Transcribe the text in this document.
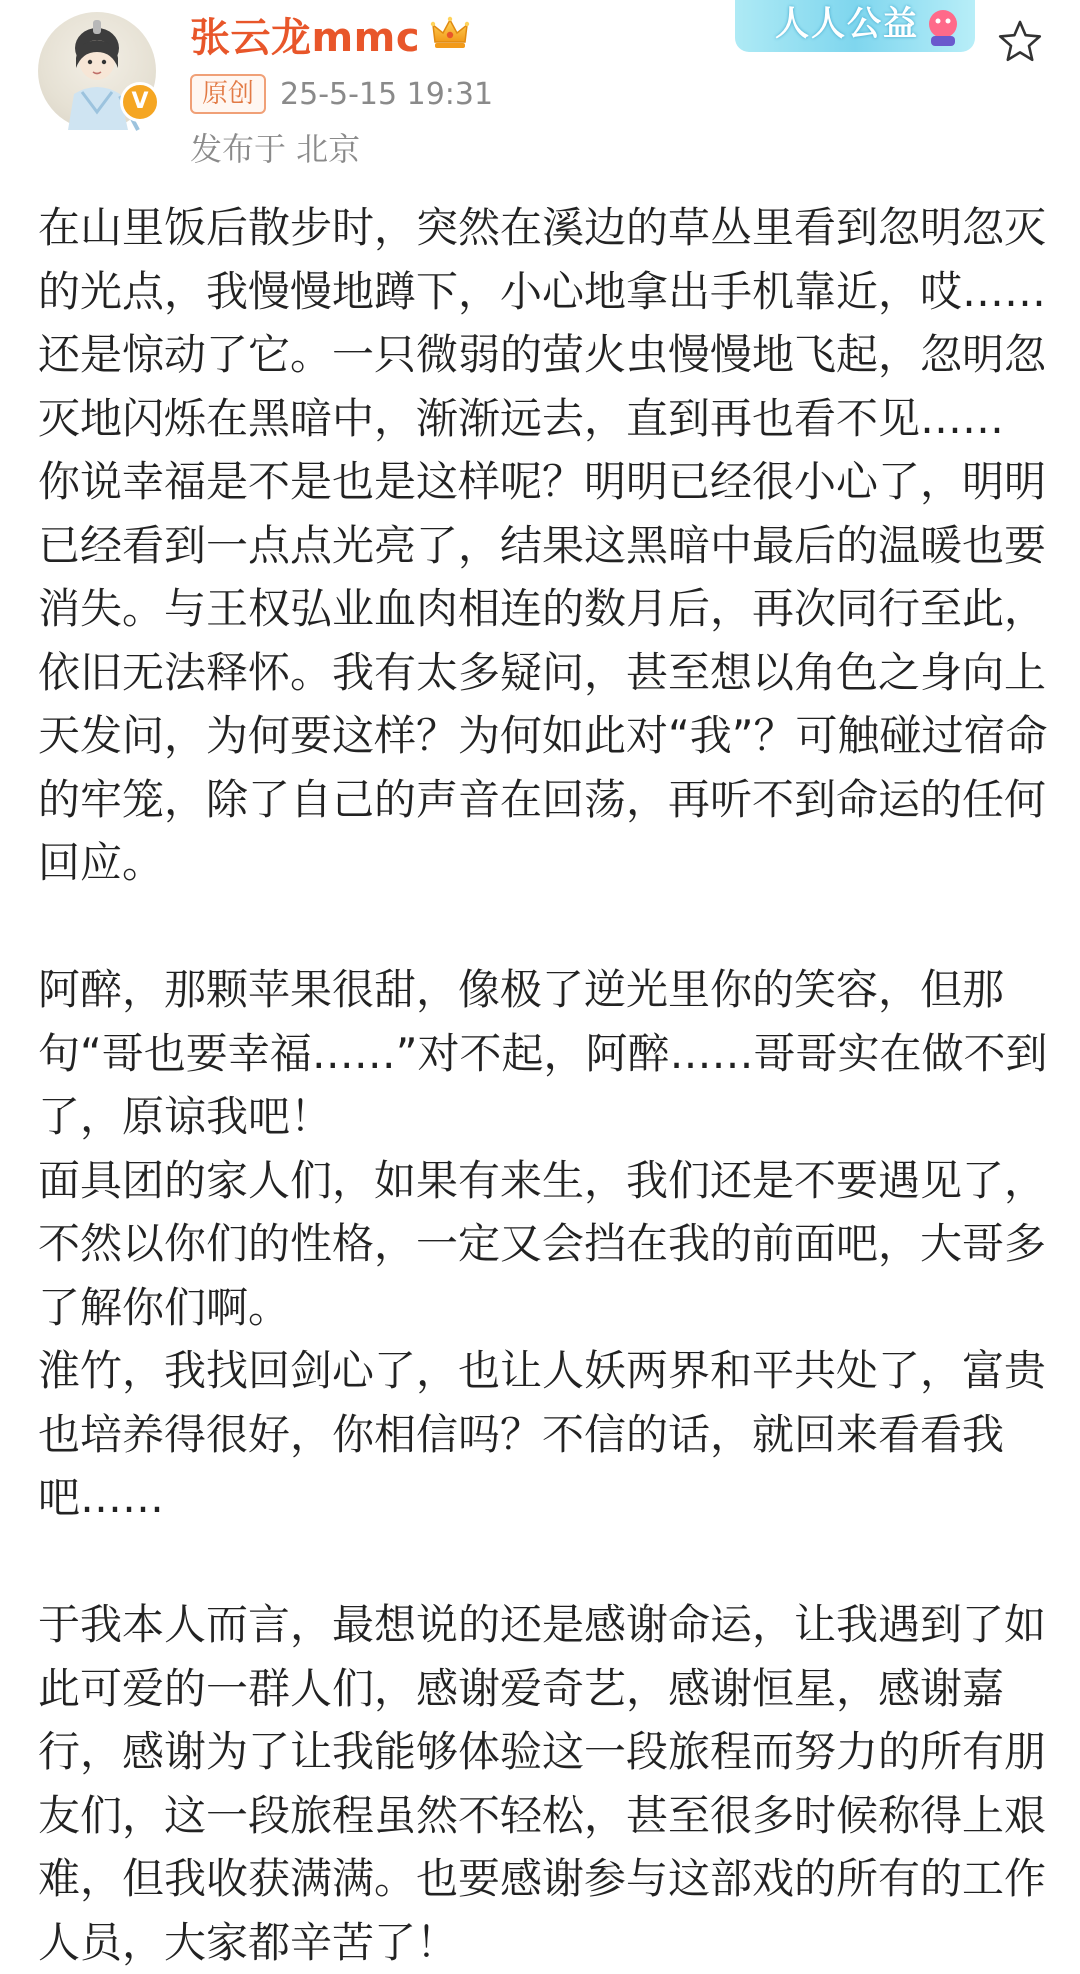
V
张云龙mmc
原创 25-5-15 19:31
发布于 北京
人人公益

在山里饭后散步时，突然在溪边的草丛里看到忽明忽灭的光点，我慢慢地蹲下，小心地拿出手机靠近，哎……还是惊动了它。一只微弱的萤火虫慢慢地飞起，忽明忽灭地闪烁在黑暗中，渐渐远去，直到再也看不见……

你说幸福是不是也是这样呢？明明已经很小心了，明明已经看到一点点光亮了，结果这黑暗中最后的温暖也要消失。与王权弘业血肉相连的数月后，再次同行至此，依旧无法释怀。我有太多疑问，甚至想以角色之身向上天发问，为何要这样？为何如此对“我”？可触碰过宿命的牢笼，除了自己的声音在回荡，再听不到命运的任何回应。

阿醉，那颗苹果很甜，像极了逆光里你的笑容，但那句“哥也要幸福……”对不起，阿醉……哥哥实在做不到了，原谅我吧！

面具团的家人们，如果有来生，我们还是不要遇见了，不然以你们的性格，一定又会挡在我的前面吧，大哥多了解你们啊。

淮竹，我找回剑心了，也让人妖两界和平共处了，富贵也培养得很好，你相信吗？不信的话，就回来看看我吧……

于我本人而言，最想说的还是感谢命运，让我遇到了如此可爱的一群人们，感谢爱奇艺，感谢恒星，感谢嘉行，感谢为了让我能够体验这一段旅程而努力的所有朋友们，这一段旅程虽然不轻松，甚至很多时候称得上艰难，但我收获满满。也要感谢参与这部戏的所有的工作人员，大家都辛苦了！
